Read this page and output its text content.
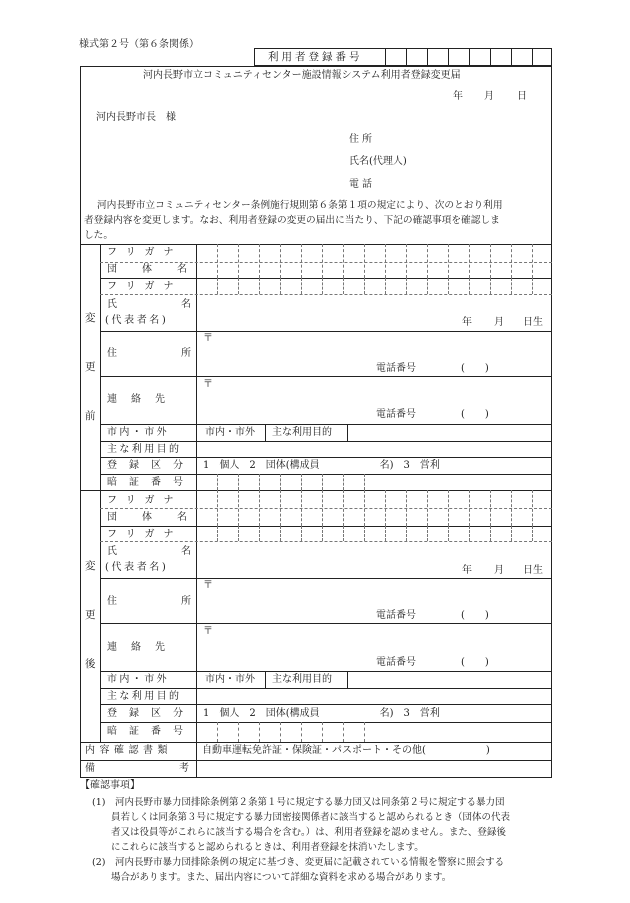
様式第２号（第６条関係）
利用者登録番号
河内長野市立コミュニティセンター施設情報システム利用者登録変更届
年 月 日
河内長野市長　様
住所
氏名(代理人)
電話
河内長野市立コミュニティセンター条例施行規則第６条第１項の規定により、次のとおり利用
者登録内容を変更します。なお、利用者登録の変更の届出に当たり、下記の確認事項を確認しま
した。
変
更
前
フリガナ
団体名
フリガナ
氏名
(代表者名)	年 月 日生
〒
住所
電話番号	(　　)
〒
連絡先
電話番号	(　　)
市内・市外	市内・市外 主な利用目的
主な利用目的
登録区分 1　個人　2　団体(構成員　　　　　　名)　3　営利
暗証番号
変
更
後
フリガナ
団体名
フリガナ
氏名
(代表者名)	年 月 日生
〒
住所
電話番号	(　　)
〒
連絡先
電話番号	(　　)
市内・市外	市内・市外 主な利用目的
主な利用目的
登録区分 1　個人　2　団体(構成員　　　　　　名)　3　営利
暗証番号
内容確認書類	自動車運転免許証・保険証・パスポート・その他(　　　　　　)
備考
【確認事項】
(1)　河内長野市暴力団排除条例第２条第１号に規定する暴力団又は同条第２号に規定する暴力団
員若しくは同条第３号に規定する暴力団密接関係者に該当すると認められるとき（団体の代表
者又は役員等がこれらに該当する場合を含む。）は、利用者登録を認めません。また、登録後
にこれらに該当すると認められるときは、利用者登録を抹消いたします。
(2)　河内長野市暴力団排除条例の規定に基づき、変更届に記載されている情報を警察に照会する
場合があります。また、届出内容について詳細な資料を求める場合があります。
